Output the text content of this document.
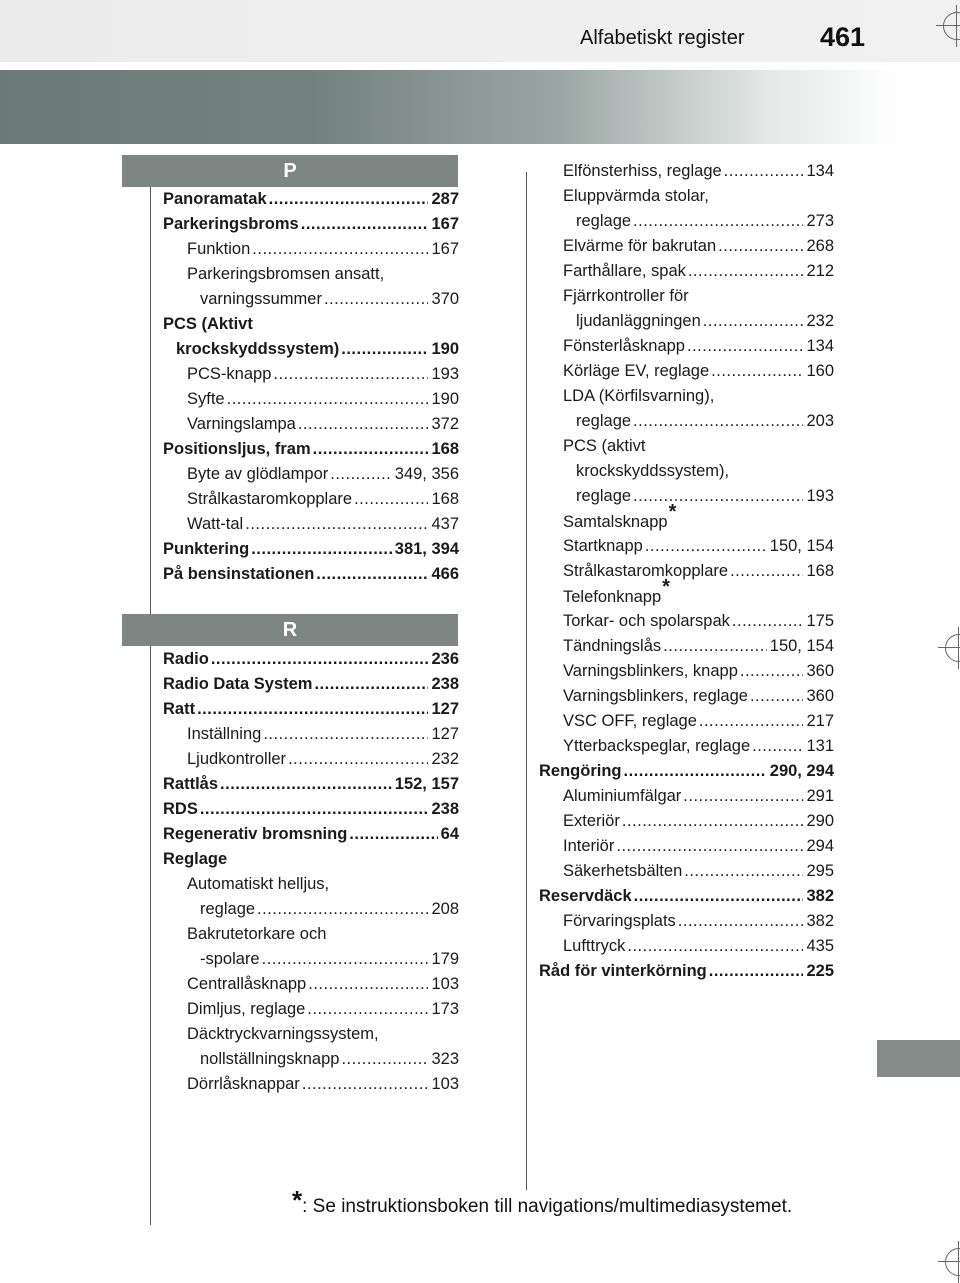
Alfabetiskt register	461
P
R
Panoramatak .....	287
Parkeringsbroms .....	167
Funktion .....	167
Parkeringsbromsen ansatt,
varningssummer .....	370
PCS (Aktivt
krockskyddssystem) .....	190
PCS-knapp .....	193
Syfte .....	190
Varningslampa .....	372
Positionsljus, fram .....	168
Byte av glödlampor .....	349, 356
Strålkastaromkopplare .....	168
Watt-tal .....	437
Punktering .....	381, 394
På bensinstationen .....	466
Radio .....	236
Radio Data System .....	238
Ratt .....	127
Inställning .....	127
Ljudkontroller .....	232
Rattlås .....	152, 157
RDS .....	238
Regenerativ bromsning .....	64
Reglage
Automatiskt helljus,
reglage .....	208
Bakrutetorkare och
-spolare .....	179
Centrallåsknapp .....	103
Dimljus, reglage .....	173
Däcktryckvarningssystem,
nollställningsknapp .....	323
Dörrlåsknappar .....	103
Elfönsterhiss, reglage .....	134
Eluppvärmda stolar,
reglage .....	273
Elvärme för bakrutan .....	268
Farthållare, spak .....	212
Fjärrkontroller för
ljudanläggningen .....	232
Fönsterlåsknapp .....	134
Körläge EV, reglage .....	160
LDA (Körfilsvarning),
reglage .....	203
PCS (aktivt
krockskyddssystem),
reglage .....	193
Samtalsknapp *
Startknapp .....	150, 154
Strålkastaromkopplare .....	168
Telefonknapp *
Torkar- och spolarspak .....	175
Tändningslås .....	150, 154
Varningsblinkers, knapp .....	360
Varningsblinkers, reglage .....	360
VSC OFF, reglage .....	217
Ytterbackspeglar, reglage .....	131
Rengöring .....	290, 294
Aluminiumfälgar .....	291
Exteriör .....	290
Interiör .....	294
Säkerhetsbälten .....	295
Reservdäck .....	382
Förvaringsplats .....	382
Lufttryck .....	435
Råd för vinterkörning .....	225
*: Se instruktionsboken till navigations/multimediasystemet.
